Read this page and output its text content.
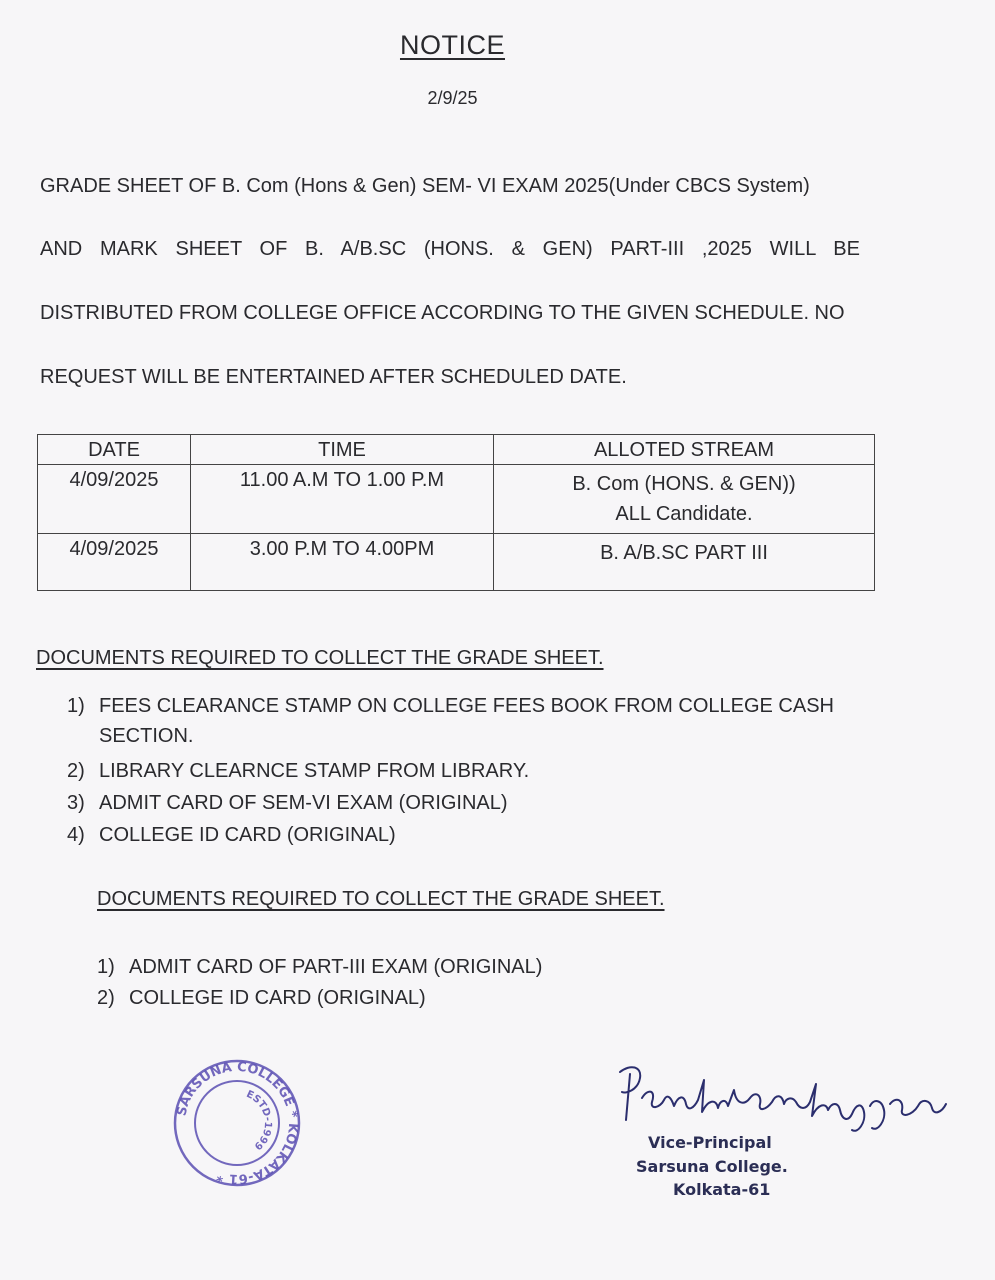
NOTICE
2/9/25
GRADE SHEET OF B. Com (Hons & Gen) SEM- VI EXAM 2025(Under CBCS System)
AND MARK SHEET OF B. A/B.SC (HONS. & GEN) PART-III ,2025 WILL BE
DISTRIBUTED FROM COLLEGE OFFICE ACCORDING TO THE GIVEN SCHEDULE. NO
REQUEST WILL BE ENTERTAINED AFTER SCHEDULED DATE.
DATE	TIME	ALLOTED STREAM
4/09/2025	11.00 A.M TO 1.00 P.M	B. Com (HONS. & GEN))
ALL Candidate.

4/09/2025	3.00 P.M TO 4.00PM	B. A/B.SC PART III
DOCUMENTS REQUIRED TO COLLECT THE GRADE SHEET.
1) FEES CLEARANCE STAMP ON COLLEGE FEES BOOK FROM COLLEGE CASH
SECTION.
2) LIBRARY CLEARNCE STAMP FROM LIBRARY.
3) ADMIT CARD OF SEM-VI EXAM (ORIGINAL)
4) COLLEGE ID CARD (ORIGINAL)
DOCUMENTS REQUIRED TO COLLECT THE GRADE SHEET.
1) ADMIT CARD OF PART-III EXAM (ORIGINAL)
2) COLLEGE ID CARD (ORIGINAL)
SARSUNA COLLEGE * KOLKATA-61 *
ESTD-1999	Vice-Principal
Sarsuna College.
Kolkata-61
